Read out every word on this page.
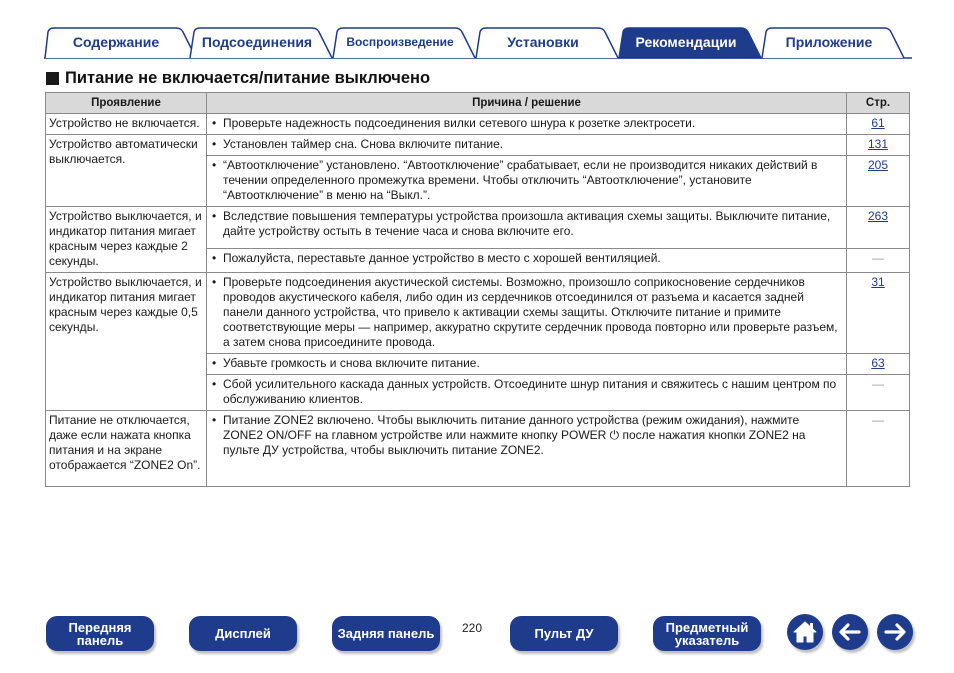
Содержание	Подсоединения	Воспроизведение	Установки	Рекомендации	Приложение
Питание не включается/питание выключено
Проявление	Причина / решение	Стр.
Устройство не включается.	• Проверьте надежность подсоединения вилки сетевого шнура к розетке электросети.	61
Устройство автоматически выключается.	• Установлен таймер сна. Снова включите питание.	131

	• “Автоотключение” установлено. “Автоотключение” срабатывает, если не производится никаких действий в течении определенного промежутка времени. Чтобы отключить “Автоотключение”, установите “Автоотключение” в меню на “Выкл.”.	205
Устройство выключается, и индикатор питания мигает красным через каждые 2 секунды.	• Вследствие повышения температуры устройства произошла активация схемы защиты. Выключите питание, дайте устройству остыть в течение часа и снова включите его.	263

	• Пожалуйста, переставьте данное устройство в место с хорошей вентиляцией.	—
Устройство выключается, и индикатор питания мигает красным через каждые 0,5 секунды.	• Проверьте подсоединения акустической системы. Возможно, произошло соприкосновение сердечников проводов акустического кабеля, либо один из сердечников отсоединился от разъема и касается задней панели данного устройства, что привело к активации схемы защиты. Отключите питание и примите соответствующие меры — например, аккуратно скрутите сердечник провода повторно или проверьте разъем, а затем снова присоедините провода.	31

	• Убавьте громкость и снова включите питание.	63

	• Сбой усилительного каскада данных устройств. Отсоедините шнур питания и свяжитесь с нашим центром по обслуживанию клиентов.	—
Питание не отключается, даже если нажата кнопка питания и на экране отображается “ZONE2 On”.	• Питание ZONE2 включено. Чтобы выключить питание данного устройства (режим ожидания), нажмите ZONE2 ON/OFF на главном устройстве или нажмите кнопку POWER ⏻ после нажатия кнопки ZONE2 на пульте ДУ устройства, чтобы выключить питание ZONE2.	—
Передняя панель	Дисплей	Задняя панель	220	Пульт ДУ	Предметный указатель
